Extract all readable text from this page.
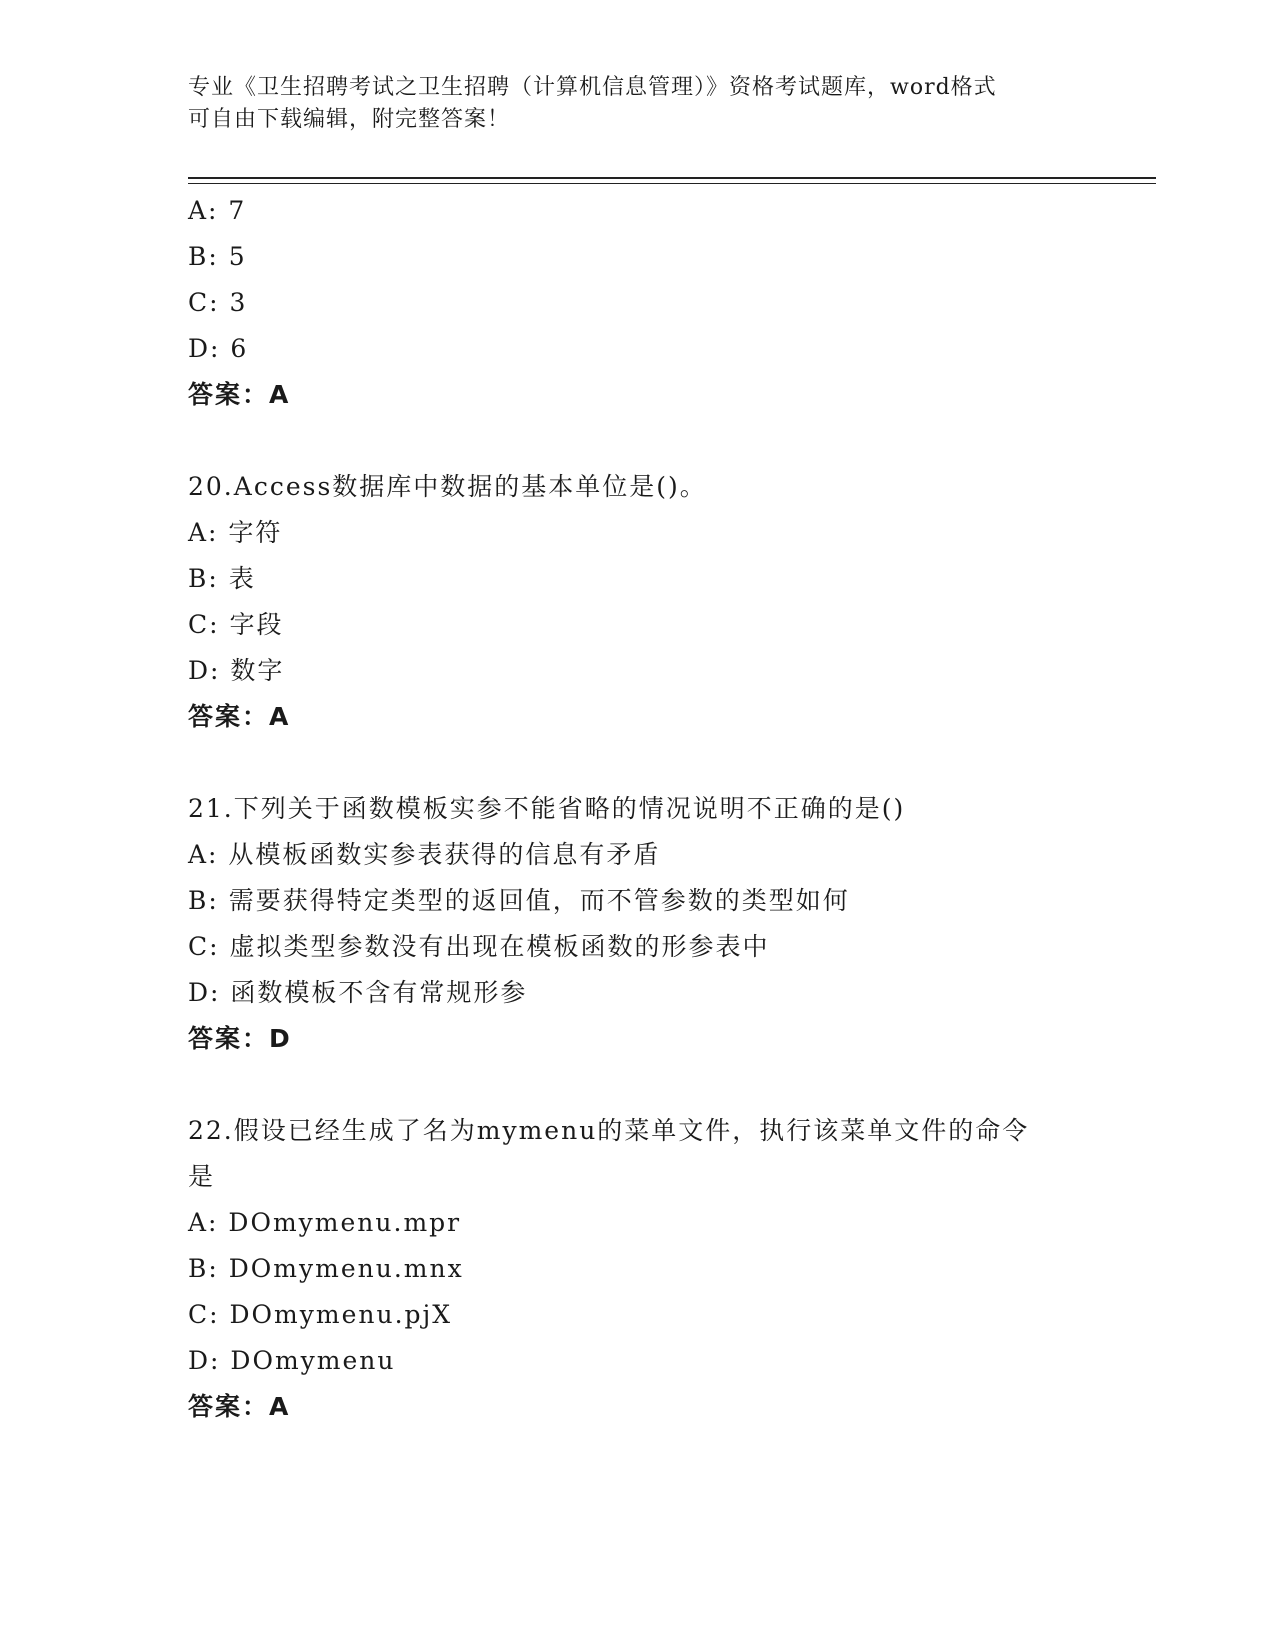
专业《卫生招聘考试之卫生招聘（计算机信息管理）》资格考试题库，word格式
可自由下载编辑，附完整答案！
A: 7
B: 5
C: 3
D: 6
答案：A
20.Access数据库中数据的基本单位是()。
A: 字符
B: 表
C: 字段
D: 数字
答案：A
21.下列关于函数模板实参不能省略的情况说明不正确的是()
A: 从模板函数实参表获得的信息有矛盾
B: 需要获得特定类型的返回值，而不管参数的类型如何
C: 虚拟类型参数没有出现在模板函数的形参表中
D: 函数模板不含有常规形参
答案：D
22.假设已经生成了名为mymenu的菜单文件，执行该菜单文件的命令
是
A: DOmymenu.mpr
B: DOmymenu.mnx
C: DOmymenu.pjX
D: DOmymenu
答案：A
